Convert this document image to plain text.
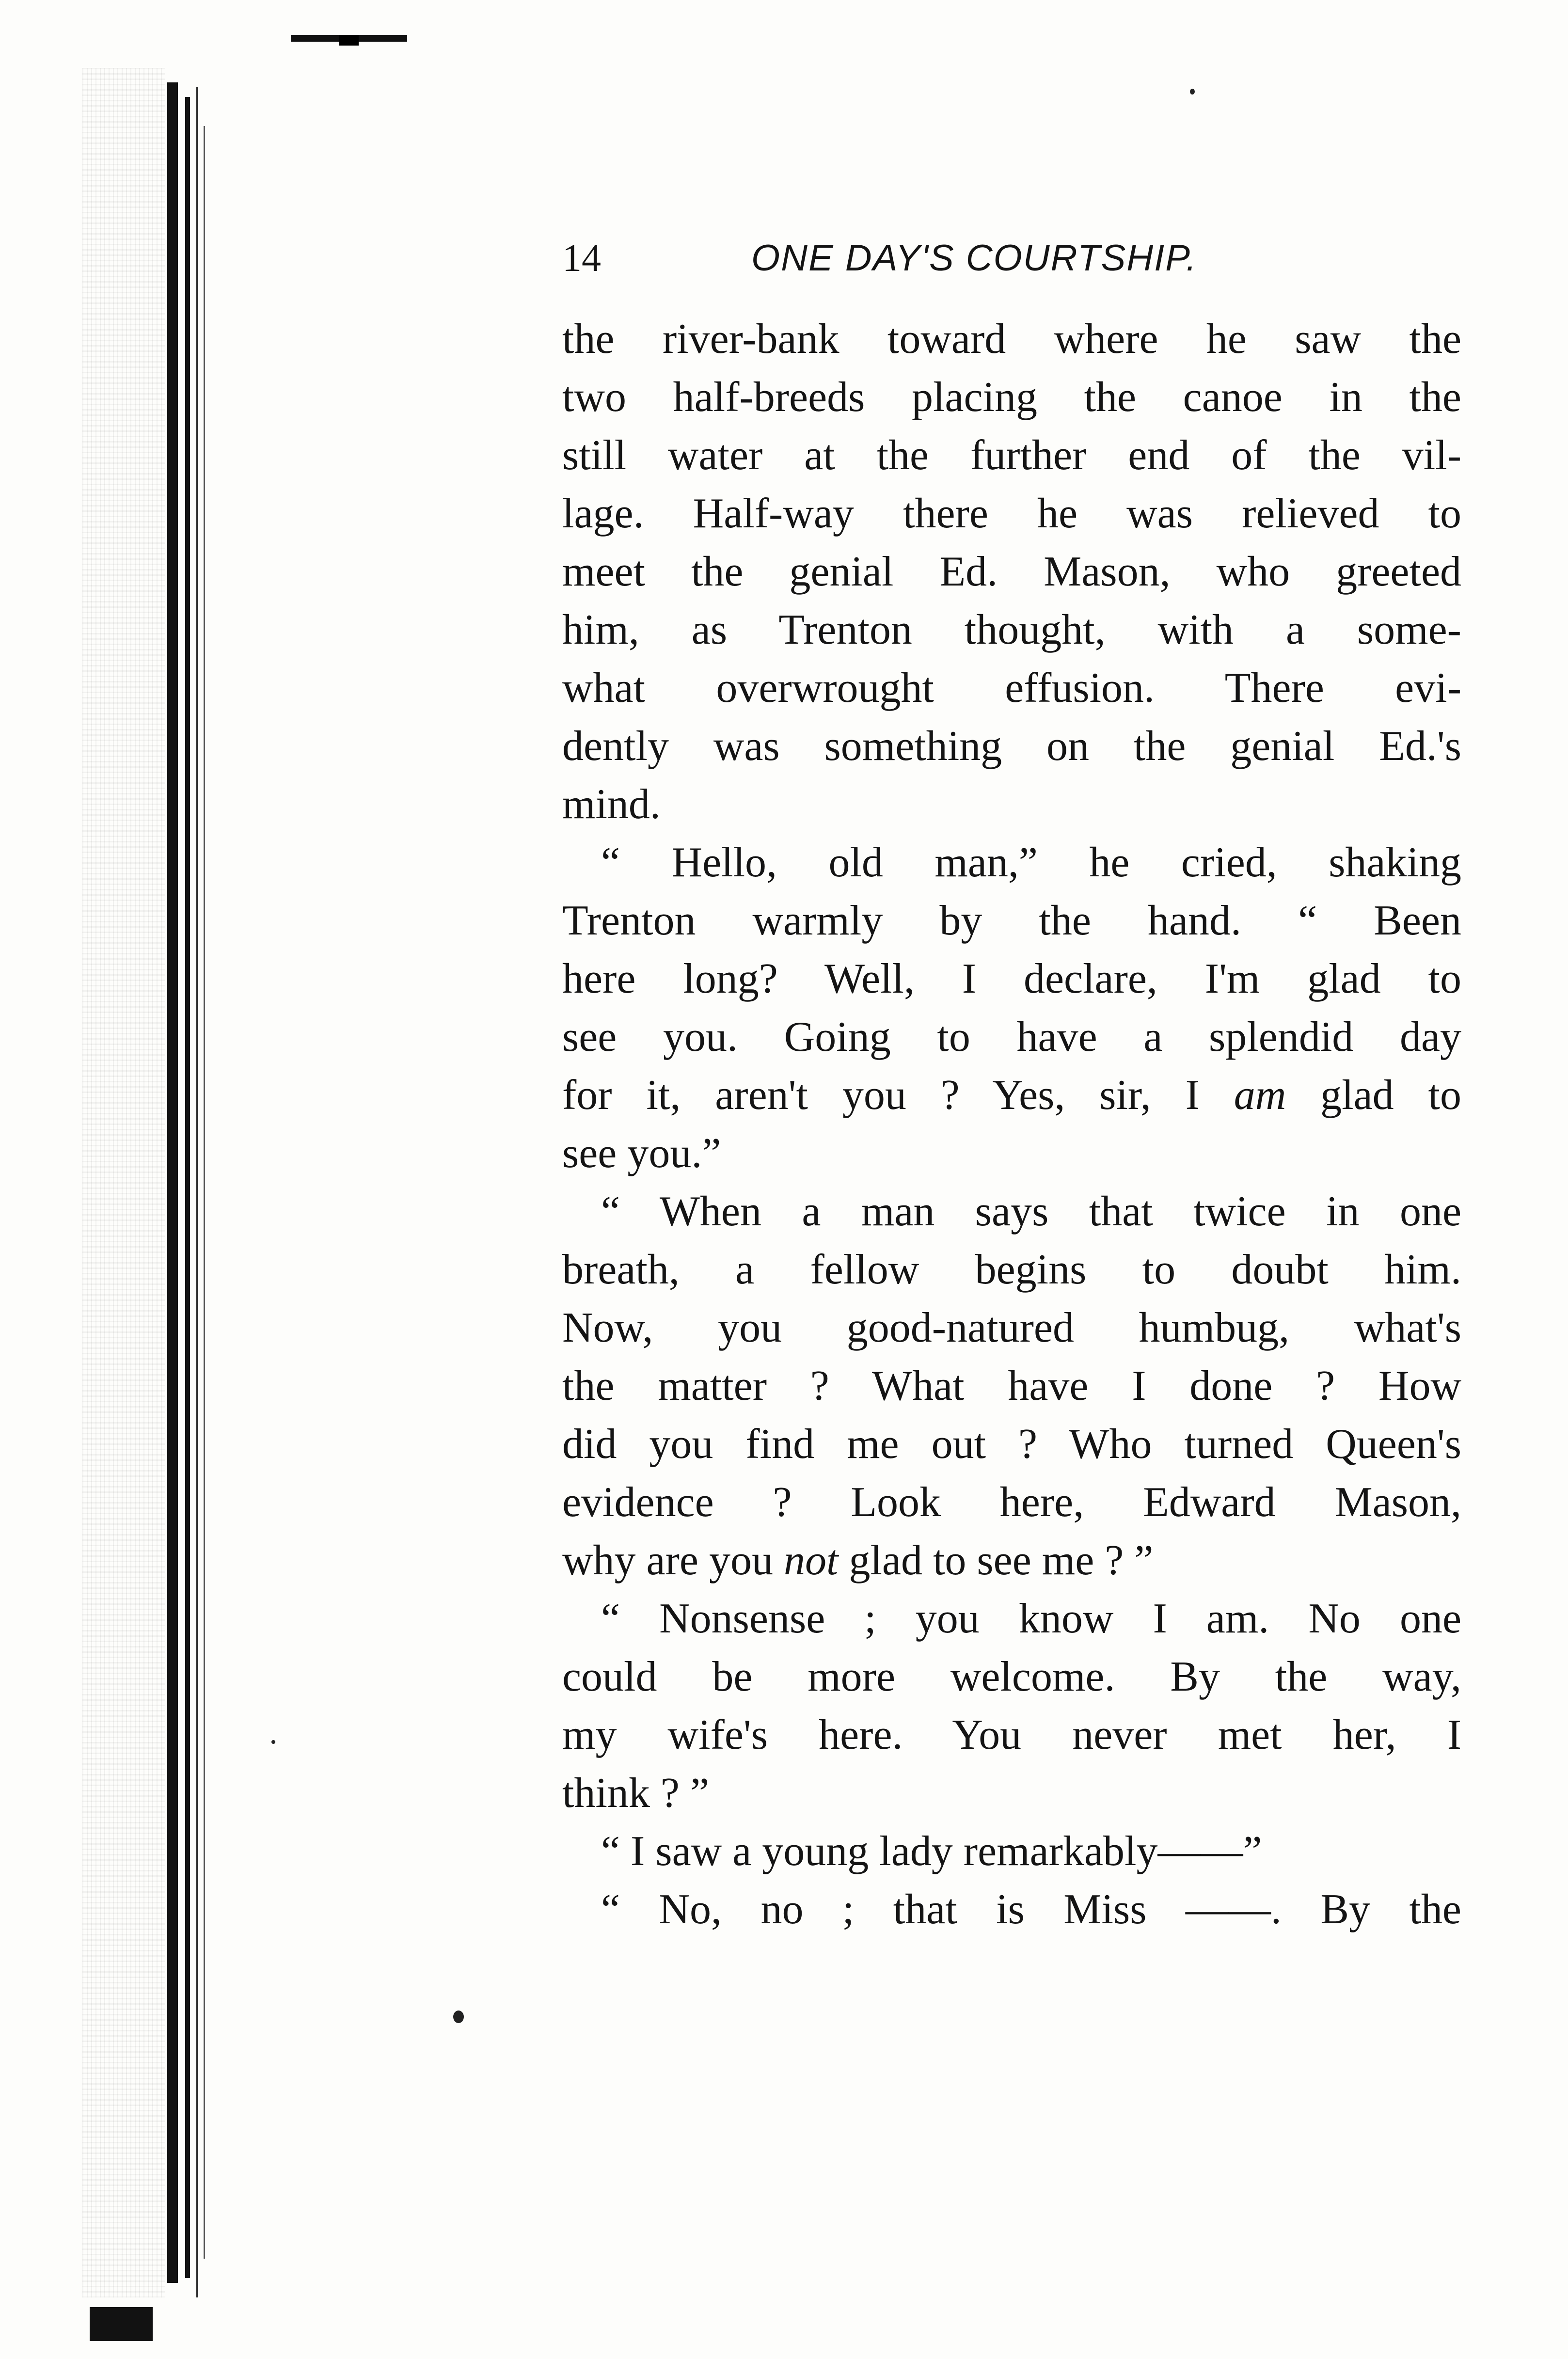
14	ONE DAY'S COURTSHIP.
the river-bank toward where he saw the
two half-breeds placing the canoe in the
still water at the further end of the vil-
lage. Half-way there he was relieved to
meet the genial Ed. Mason, who greeted
him, as Trenton thought, with a some-
what overwrought effusion. There evi-
dently was something on the genial Ed.'s
mind.
“ Hello, old man,” he cried, shaking
Trenton warmly by the hand. “ Been
here long? Well, I declare, I'm glad to
see you. Going to have a splendid day
for it, aren't you ? Yes, sir, I am glad to
see you.”
“ When a man says that twice in one
breath, a fellow begins to doubt him.
Now, you good-natured humbug, what's
the matter ? What have I done ? How
did you find me out ? Who turned Queen's
evidence ? Look here, Edward Mason,
why are you not glad to see me ? ”
“ Nonsense ; you know I am. No one
could be more welcome. By the way,
my wife's here. You never met her, I
think ? ”
“ I saw a young lady remarkably——”
“ No, no ; that is Miss ——. By the
